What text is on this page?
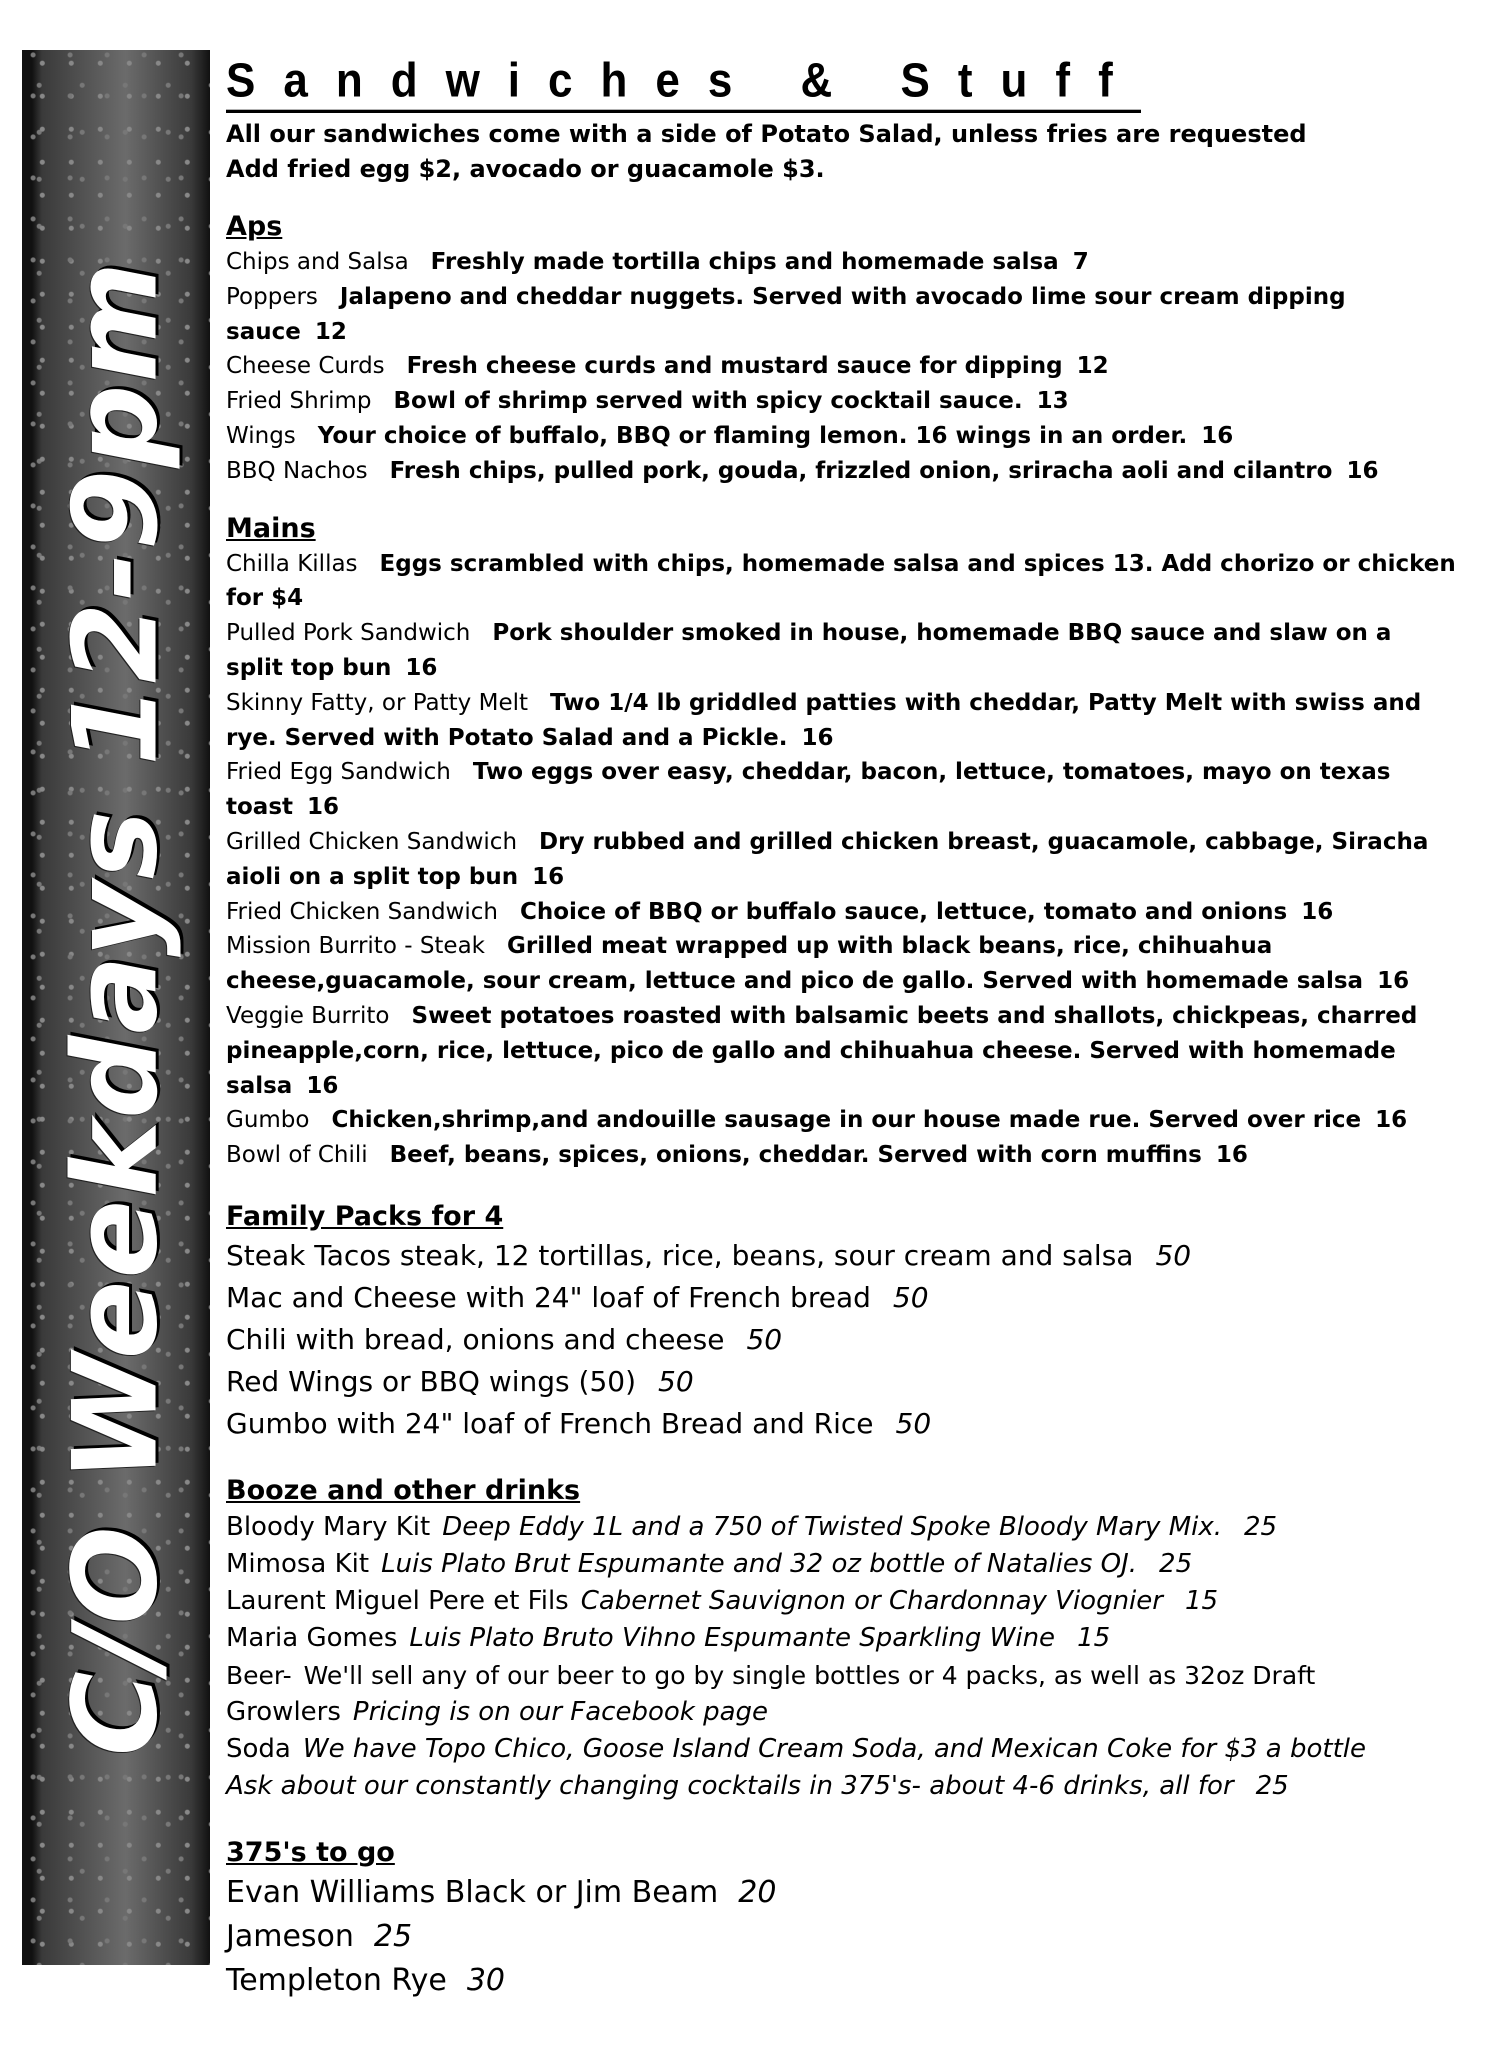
C/O Weekdays 12-9pm
Sandwiches & Stuff
All our sandwiches come with a side of Potato Salad, unless fries are requested
Add fried egg $2, avocado or guacamole $3.
Aps
Chips and Salsa Freshly made tortilla chips and homemade salsa 7
Poppers Jalapeno and cheddar nuggets. Served with avocado lime sour cream dipping sauce 12
Cheese Curds Fresh cheese curds and mustard sauce for dipping 12
Fried Shrimp Bowl of shrimp served with spicy cocktail sauce. 13
Wings Your choice of buffalo, BBQ or flaming lemon. 16 wings in an order. 16
BBQ Nachos Fresh chips, pulled pork, gouda, frizzled onion, sriracha aoli and cilantro 16
Mains
Chilla Killas Eggs scrambled with chips, homemade salsa and spices 13. Add chorizo or chicken for $4
Pulled Pork Sandwich Pork shoulder smoked in house, homemade BBQ sauce and slaw on a split top bun 16
Skinny Fatty, or Patty Melt Two 1/4 lb griddled patties with cheddar, Patty Melt with swiss and rye. Served with Potato Salad and a Pickle. 16
Fried Egg Sandwich Two eggs over easy, cheddar, bacon, lettuce, tomatoes, mayo on texas toast 16
Grilled Chicken Sandwich Dry rubbed and grilled chicken breast, guacamole, cabbage, Siracha aioli on a split top bun 16
Fried Chicken Sandwich Choice of BBQ or buffalo sauce, lettuce, tomato and onions 16
Mission Burrito - Steak Grilled meat wrapped up with black beans, rice, chihuahua cheese,guacamole, sour cream, lettuce and pico de gallo. Served with homemade salsa 16
Veggie Burrito Sweet potatoes roasted with balsamic beets and shallots, chickpeas, charred pineapple,corn, rice, lettuce, pico de gallo and chihuahua cheese. Served with homemade salsa 16
Gumbo Chicken,shrimp,and andouille sausage in our house made rue. Served over rice 16
Bowl of Chili Beef, beans, spices, onions, cheddar. Served with corn muffins 16
Family Packs for 4
Steak Tacos steak, 12 tortillas, rice, beans, sour cream and salsa 50
Mac and Cheese with 24" loaf of French bread 50
Chili with bread, onions and cheese 50
Red Wings or BBQ wings (50) 50
Gumbo with 24" loaf of French Bread and Rice 50
Booze and other drinks
Bloody Mary Kit Deep Eddy 1L and a 750 of Twisted Spoke Bloody Mary Mix. 25
Mimosa Kit Luis Plato Brut Espumante and 32 oz bottle of Natalies OJ. 25
Laurent Miguel Pere et Fils Cabernet Sauvignon or Chardonnay Viognier 15
Maria Gomes Luis Plato Bruto Vihno Espumante Sparkling Wine 15
Beer- We'll sell any of our beer to go by single bottles or 4 packs, as well as 32oz Draft
Growlers Pricing is on our Facebook page
Soda We have Topo Chico, Goose Island Cream Soda, and Mexican Coke for $3 a bottle
Ask about our constantly changing cocktails in 375's- about 4-6 drinks, all for 25
375's to go
Evan Williams Black or Jim Beam 20
Jameson 25
Templeton Rye 30
